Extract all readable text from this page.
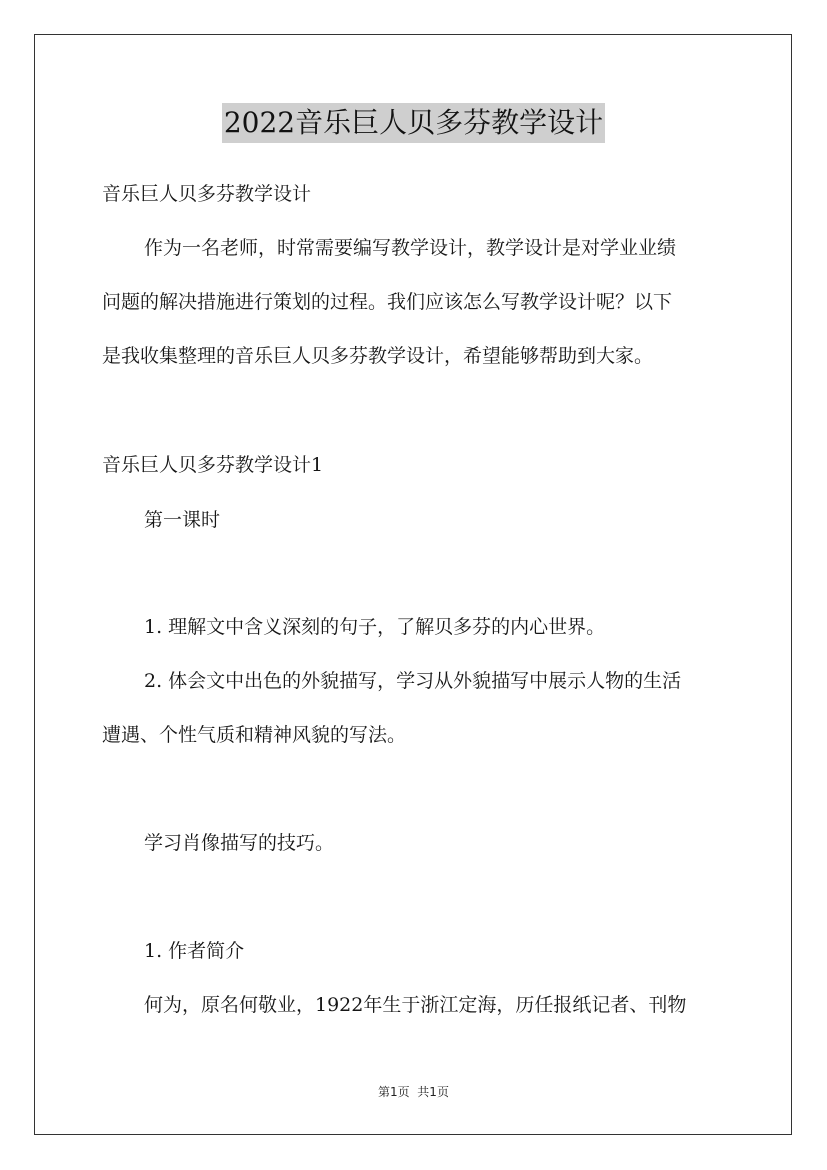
2022音乐巨人贝多芬教学设计
音乐巨人贝多芬教学设计
作为一名老师，时常需要编写教学设计，教学设计是对学业业绩
问题的解决措施进行策划的过程。我们应该怎么写教学设计呢？以下
是我收集整理的音乐巨人贝多芬教学设计，希望能够帮助到大家。
音乐巨人贝多芬教学设计1
第一课时
1. 理解文中含义深刻的句子，了解贝多芬的内心世界。
2. 体会文中出色的外貌描写，学习从外貌描写中展示人物的生活
遭遇、个性气质和精神风貌的写法。
学习肖像描写的技巧。
1. 作者简介
何为，原名何敬业，1922年生于浙江定海，历任报纸记者、刊物
第1页  共1页
